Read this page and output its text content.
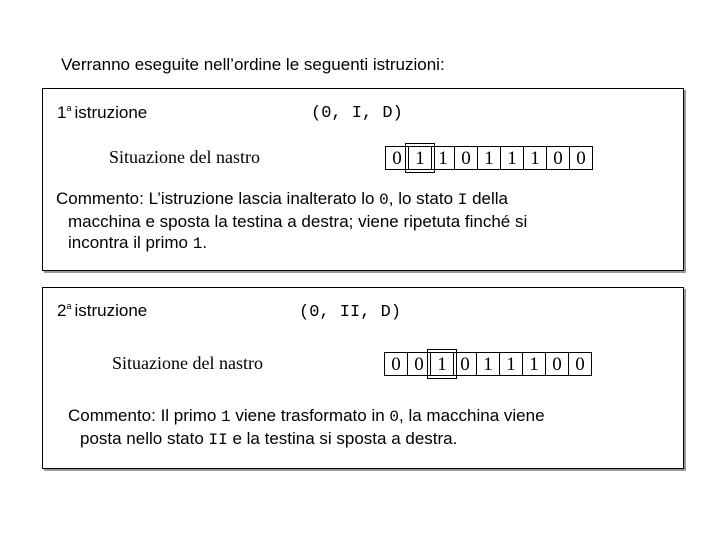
Verranno eseguite nell’ordine le seguenti istruzioni:
1$^a$ istruzione	(0, I, D)
Situazione del nastro	0 1 1 0 1 1 1 0 0
Commento: L’istruzione lascia inalterato lo 0, lo stato I della
macchina e sposta la testina a destra; viene ripetuta finché si
incontra il primo 1.
2$^a$ istruzione	(0, II, D)
Situazione del nastro	0 0 1 0 1 1 1 0 0
Commento: Il primo 1 viene trasformato in 0, la macchina viene
posta nello stato II e la testina si sposta a destra.
